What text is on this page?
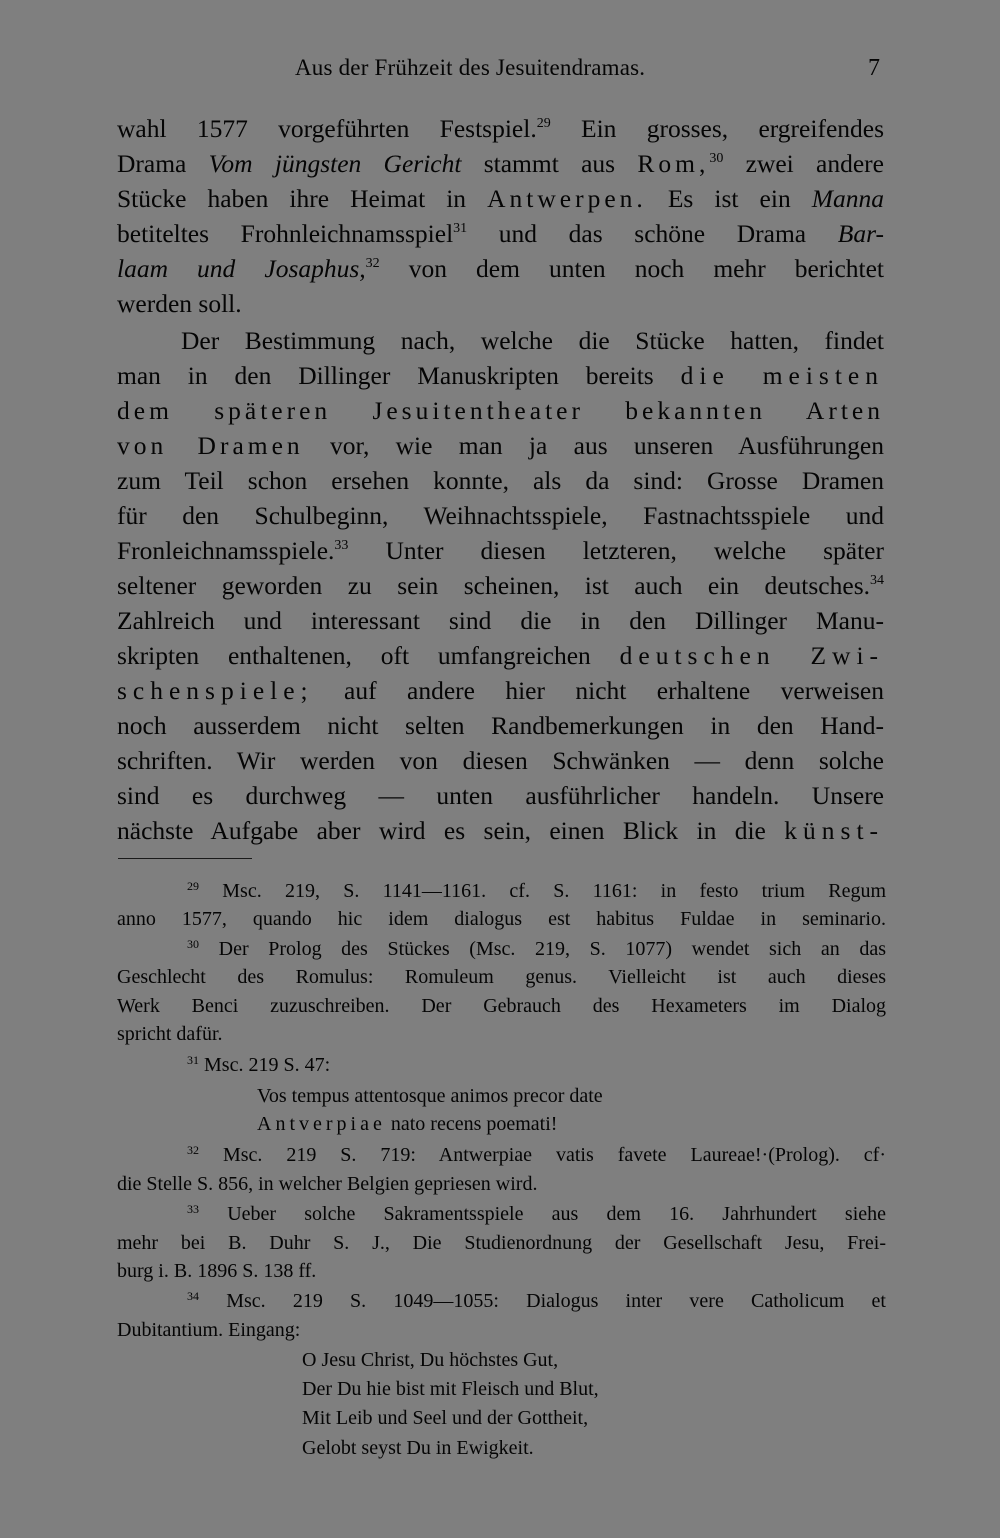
Aus der Frühzeit des Jesuitendramas.	7
wahl 1577 vorgeführten Festspiel.$^{29}$ Ein grosses, ergreifendes
Drama Vom jüngsten Gericht stammt aus Rom,$^{30}$ zwei andere
Stücke haben ihre Heimat in Antwerpen. Es ist ein Manna
betiteltes Frohnleichnamsspiel$^{31}$ und das schöne Drama Bar-
laam und Josaphus,$^{32}$ von dem unten noch mehr berichtet
werden soll.
Der Bestimmung nach, welche die Stücke hatten, findet
man in den Dillinger Manuskripten bereits die meisten
dem späteren Jesuitentheater bekannten Arten
von Dramen vor, wie man ja aus unseren Ausführungen
zum Teil schon ersehen konnte, als da sind: Grosse Dramen
für den Schulbeginn, Weihnachtsspiele, Fastnachtsspiele und
Fronleichnamsspiele.$^{33}$ Unter diesen letzteren, welche später
seltener geworden zu sein scheinen, ist auch ein deutsches.$^{34}$
Zahlreich und interessant sind die in den Dillinger Manu-
skripten enthaltenen, oft umfangreichen deutschen Zwi-
schenspiele; auf andere hier nicht erhaltene verweisen
noch ausserdem nicht selten Randbemerkungen in den Hand-
schriften. Wir werden von diesen Schwänken — denn solche
sind es durchweg — unten ausführlicher handeln. Unsere
nächste Aufgabe aber wird es sein, einen Blick in die künst-
$^{29}$ Msc. 219, S. 1141—1161. cf. S. 1161: in festo trium Regum
anno 1577, quando hic idem dialogus est habitus Fuldae in seminario.
$^{30}$ Der Prolog des Stückes (Msc. 219, S. 1077) wendet sich an das
Geschlecht des Romulus: Romuleum genus. Vielleicht ist auch dieses
Werk Benci zuzuschreiben. Der Gebrauch des Hexameters im Dialog
spricht dafür.
$^{31}$ Msc. 219 S. 47:
Vos tempus attentosque animos precor date
Antverpiae nato recens poemati!
$^{32}$ Msc. 219 S. 719: Antwerpiae vatis favete Laureae!·(Prolog). cf·
die Stelle S. 856, in welcher Belgien gepriesen wird.
$^{33}$ Ueber solche Sakramentsspiele aus dem 16. Jahrhundert siehe
mehr bei B. Duhr S. J., Die Studienordnung der Gesellschaft Jesu, Frei-
burg i. B. 1896 S. 138 ff.
$^{34}$ Msc. 219 S. 1049—1055: Dialogus inter vere Catholicum et
Dubitantium. Eingang:
O Jesu Christ, Du höchstes Gut,
Der Du hie bist mit Fleisch und Blut,
Mit Leib und Seel und der Gottheit,
Gelobt seyst Du in Ewigkeit.
